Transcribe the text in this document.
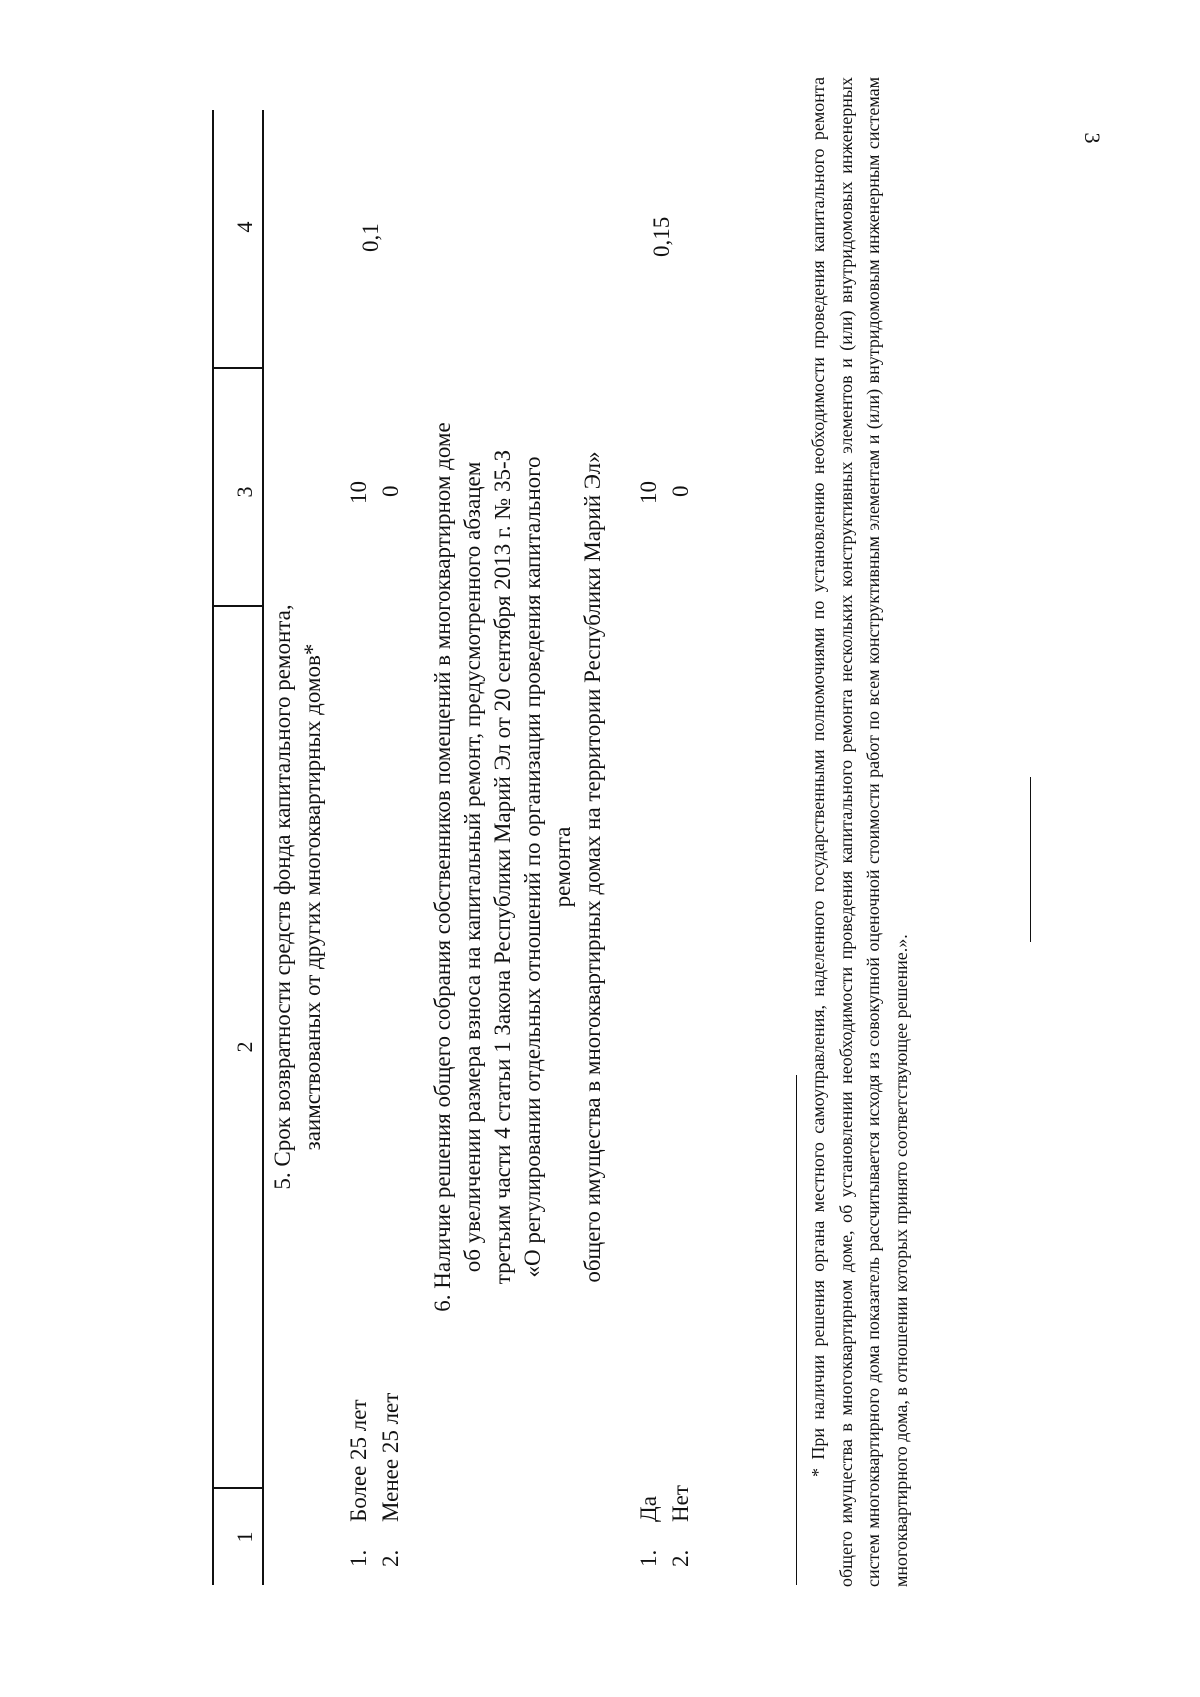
3
1
2
3
4
5. Срок возвратности средств фонда капитального ремонта, заимствованых от других многоквартирных домов*
1.
Более 25 лет
2.
Менее 25 лет
10 0
0,1
6. Наличие решения общего собрания собственников помещений в многоквартирном доме об увеличении размера взноса на капитальный ремонт, предусмотренного абзацем третьим части 4 статьи 1 Закона Республики Марий Эл от 20 сентября 2013 г. № 35-З «О регулировании отдельных отношений по организации проведения капитального ремонта общего имущества в многоквартирных домах на территории Республики Марий Эл»
1.
Да
2.
Нет
10 0
0,15	* При наличии решения органа местного самоуправления, наделенного государственными полномочиями по установлению необходимости проведения капитального ремонта общего имущества в многоквартирном доме, об установлении необходимости проведения капитального ремонта нескольких конструктивных элементов и (или) внутридомовых инженерных систем многоквартирного дома показатель рассчитывается исходя из совокупной оценочной стоимости работ по всем конструктивным элементам и (или) внутридомовым инженерным системам многоквартирного дома, в отношении которых принято соответствующее решение.».
